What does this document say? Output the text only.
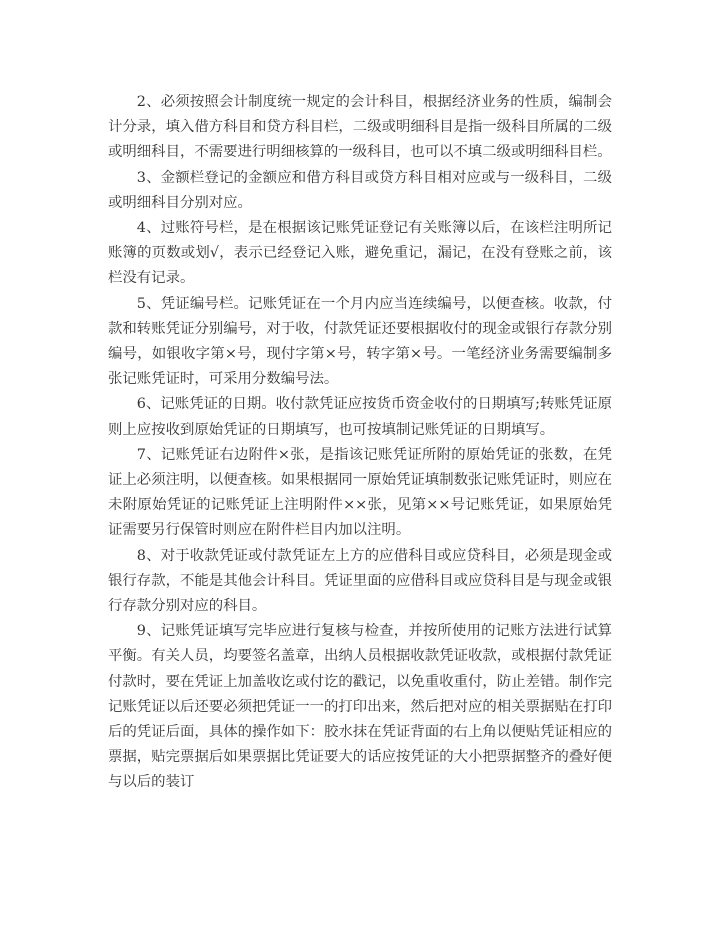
2、必须按照会计制度统一规定的会计科目，根据经济业务的性质，编制会计分录，填入借方科目和贷方科目栏，二级或明细科目是指一级科目所属的二级或明细科目，不需要进行明细核算的一级科目，也可以不填二级或明细科目栏。

3、金额栏登记的金额应和借方科目或贷方科目相对应或与一级科目，二级或明细科目分别对应。

4、过账符号栏，是在根据该记账凭证登记有关账簿以后，在该栏注明所记账簿的页数或划√，表示已经登记入账，避免重记，漏记，在没有登账之前，该栏没有记录。

5、凭证编号栏。记账凭证在一个月内应当连续编号，以便查核。收款，付款和转账凭证分别编号，对于收，付款凭证还要根据收付的现金或银行存款分别编号，如银收字第×号，现付字第×号，转字第×号。一笔经济业务需要编制多张记账凭证时，可采用分数编号法。

6、记账凭证的日期。收付款凭证应按货币资金收付的日期填写;转账凭证原则上应按收到原始凭证的日期填写，也可按填制记账凭证的日期填写。

7、记账凭证右边附件×张，是指该记账凭证所附的原始凭证的张数，在凭证上必须注明，以便查核。如果根据同一原始凭证填制数张记账凭证时，则应在未附原始凭证的记账凭证上注明附件××张，见第××号记账凭证，如果原始凭证需要另行保管时则应在附件栏目内加以注明。

8、对于收款凭证或付款凭证左上方的应借科目或应贷科目，必须是现金或银行存款，不能是其他会计科目。凭证里面的应借科目或应贷科目是与现金或银行存款分别对应的科目。

9、记账凭证填写完毕应进行复核与检查，并按所使用的记账方法进行试算平衡。有关人员，均要签名盖章，出纳人员根据收款凭证收款，或根据付款凭证付款时，要在凭证上加盖收讫或付讫的戳记，以免重收重付，防止差错。制作完记账凭证以后还要必须把凭证一一的打印出来，然后把对应的相关票据贴在打印后的凭证后面，具体的操作如下：胶水抹在凭证背面的右上角以便贴凭证相应的票据，贴完票据后如果票据比凭证要大的话应按凭证的大小把票据整齐的叠好便与以后的装订
